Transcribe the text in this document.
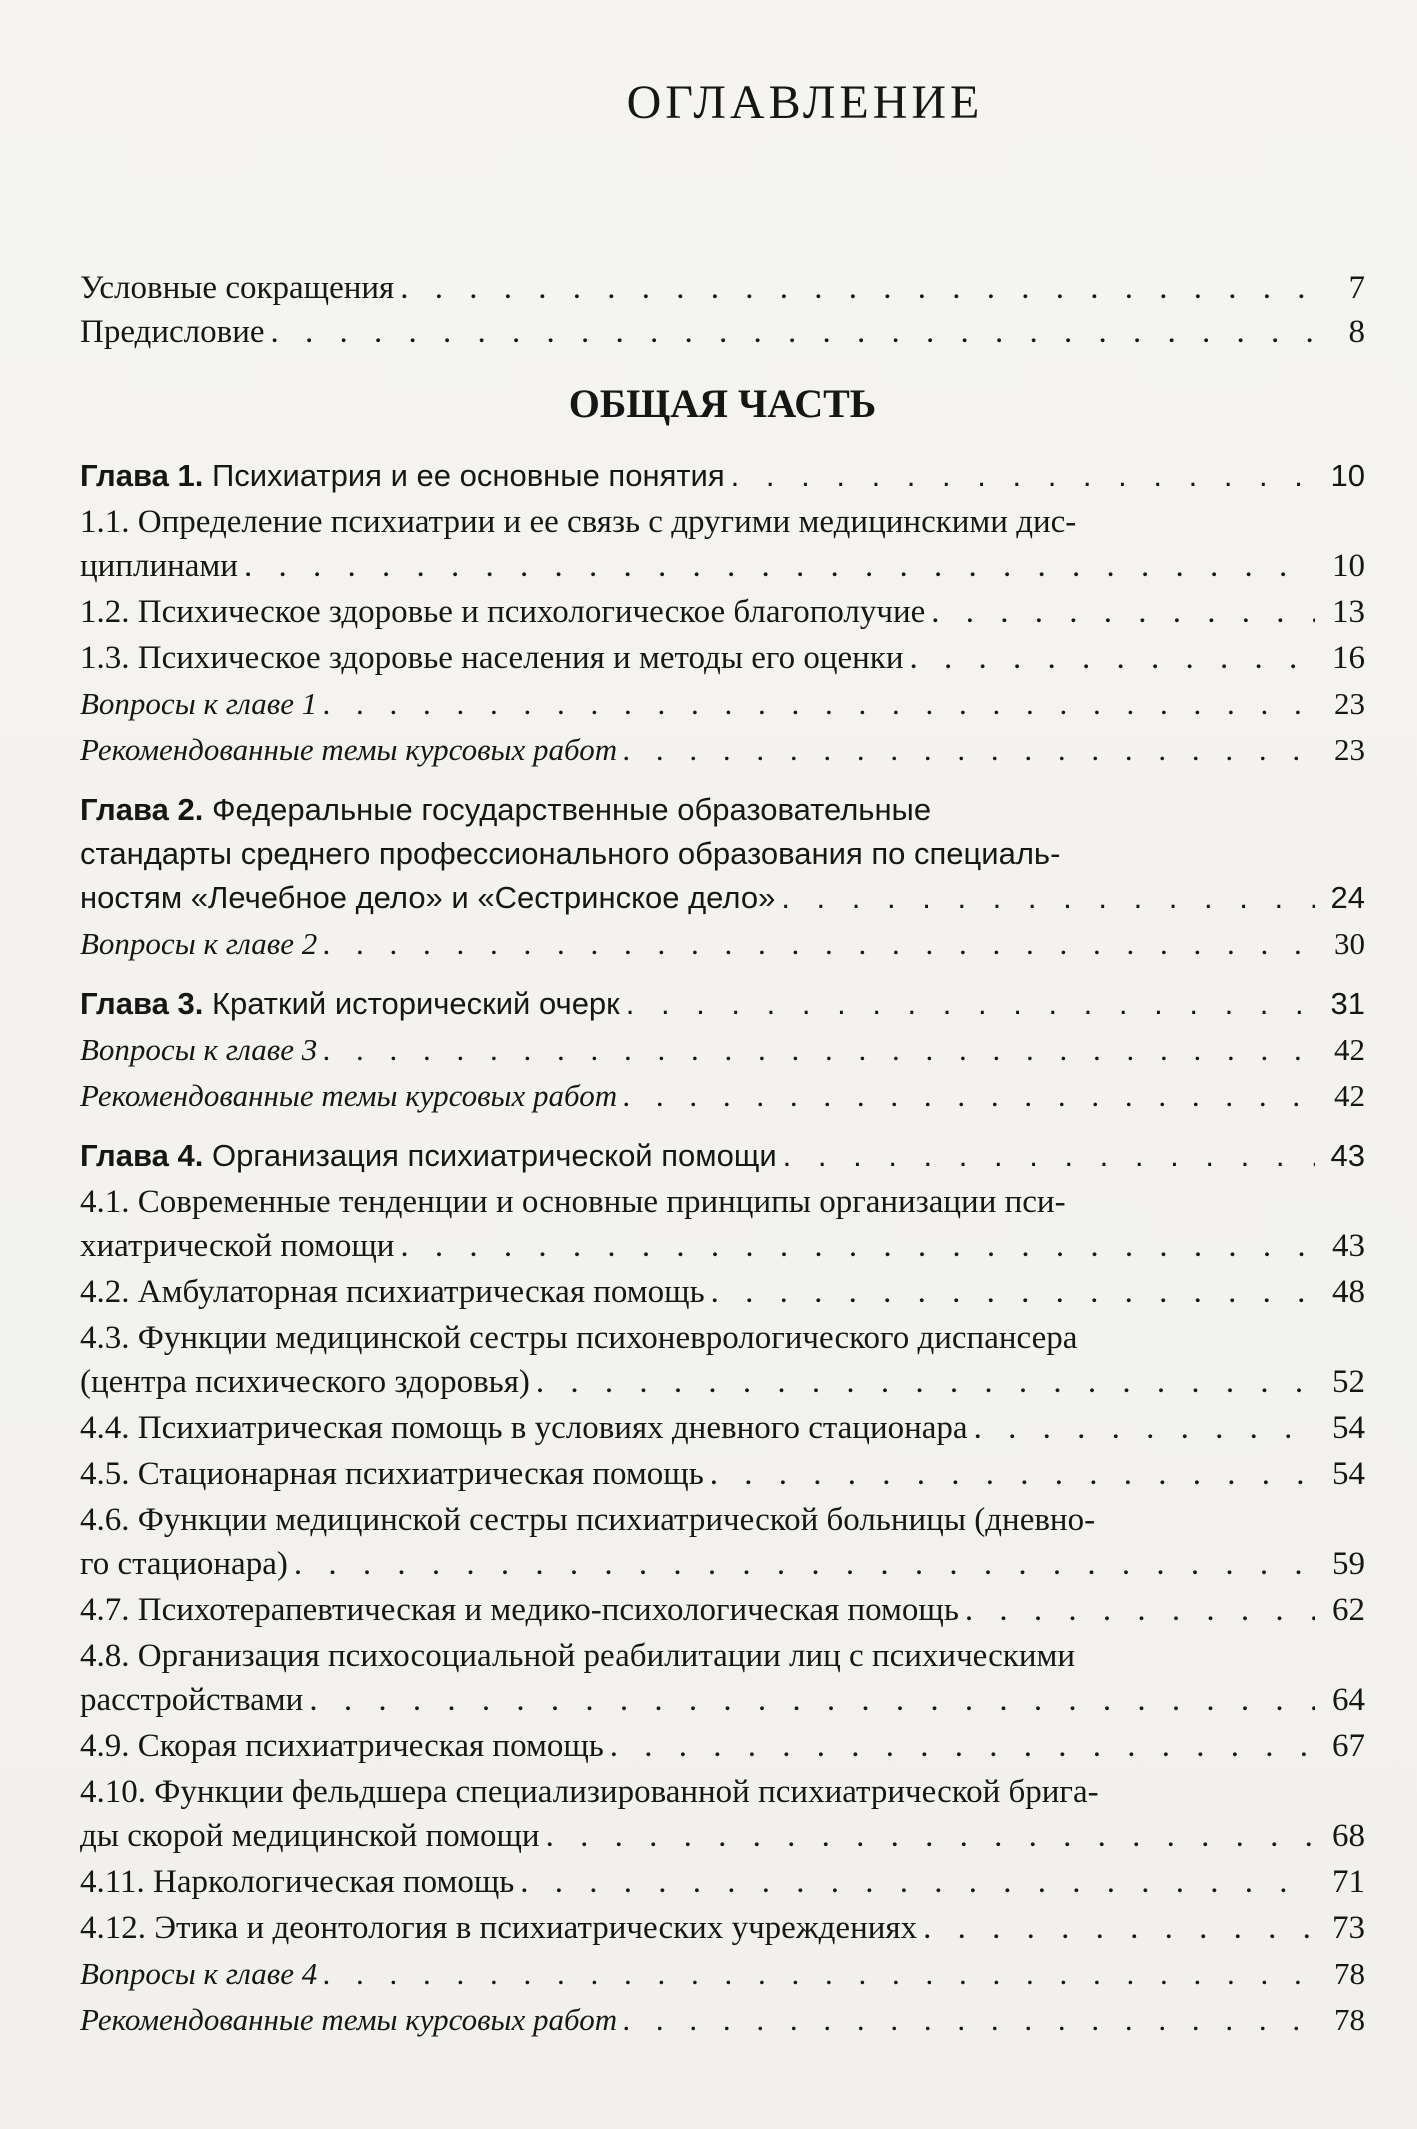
ОГЛАВЛЕНИЕ
Условные сокращения . . .	7
Предисловие . . .	8
ОБЩАЯ ЧАСТЬ
Глава 1. Психиатрия и ее основные понятия . . .	10
1.1. Определение психиатрии и ее связь с другими медицинскими дис-
циплинами . . .	10
1.2. Психическое здоровье и психологическое благополучие . . .	13
1.3. Психическое здоровье населения и методы его оценки . . .	16
Вопросы к главе 1 . . .	23
Рекомендованные темы курсовых работ . . .	23
Глава 2. Федеральные государственные образовательные
стандарты среднего профессионального образования по специаль-
ностям «Лечебное дело» и «Сестринское дело» . . .	24
Вопросы к главе 2 . . .	30
Глава 3. Краткий исторический очерк . . .	31
Вопросы к главе 3 . . .	42
Рекомендованные темы курсовых работ . . .	42
Глава 4. Организация психиатрической помощи . . .	43
4.1. Современные тенденции и основные принципы организации пси-
хиатрической помощи . . .	43
4.2. Амбулаторная психиатрическая помощь . . .	48
4.3. Функции медицинской сестры психоневрологического диспансера
(центра психического здоровья) . . .	52
4.4. Психиатрическая помощь в условиях дневного стационара . . .	54
4.5. Стационарная психиатрическая помощь . . .	54
4.6. Функции медицинской сестры психиатрической больницы (дневно-
го стационара) . . .	59
4.7. Психотерапевтическая и медико-психологическая помощь . . .	62
4.8. Организация психосоциальной реабилитации лиц с психическими
расстройствами . . .	64
4.9. Скорая психиатрическая помощь . . .	67
4.10. Функции фельдшера специализированной психиатрической брига-
ды скорой медицинской помощи . . .	68
4.11. Наркологическая помощь . . .	71
4.12. Этика и деонтология в психиатрических учреждениях . . .	73
Вопросы к главе 4 . . .	78
Рекомендованные темы курсовых работ . . .	78
